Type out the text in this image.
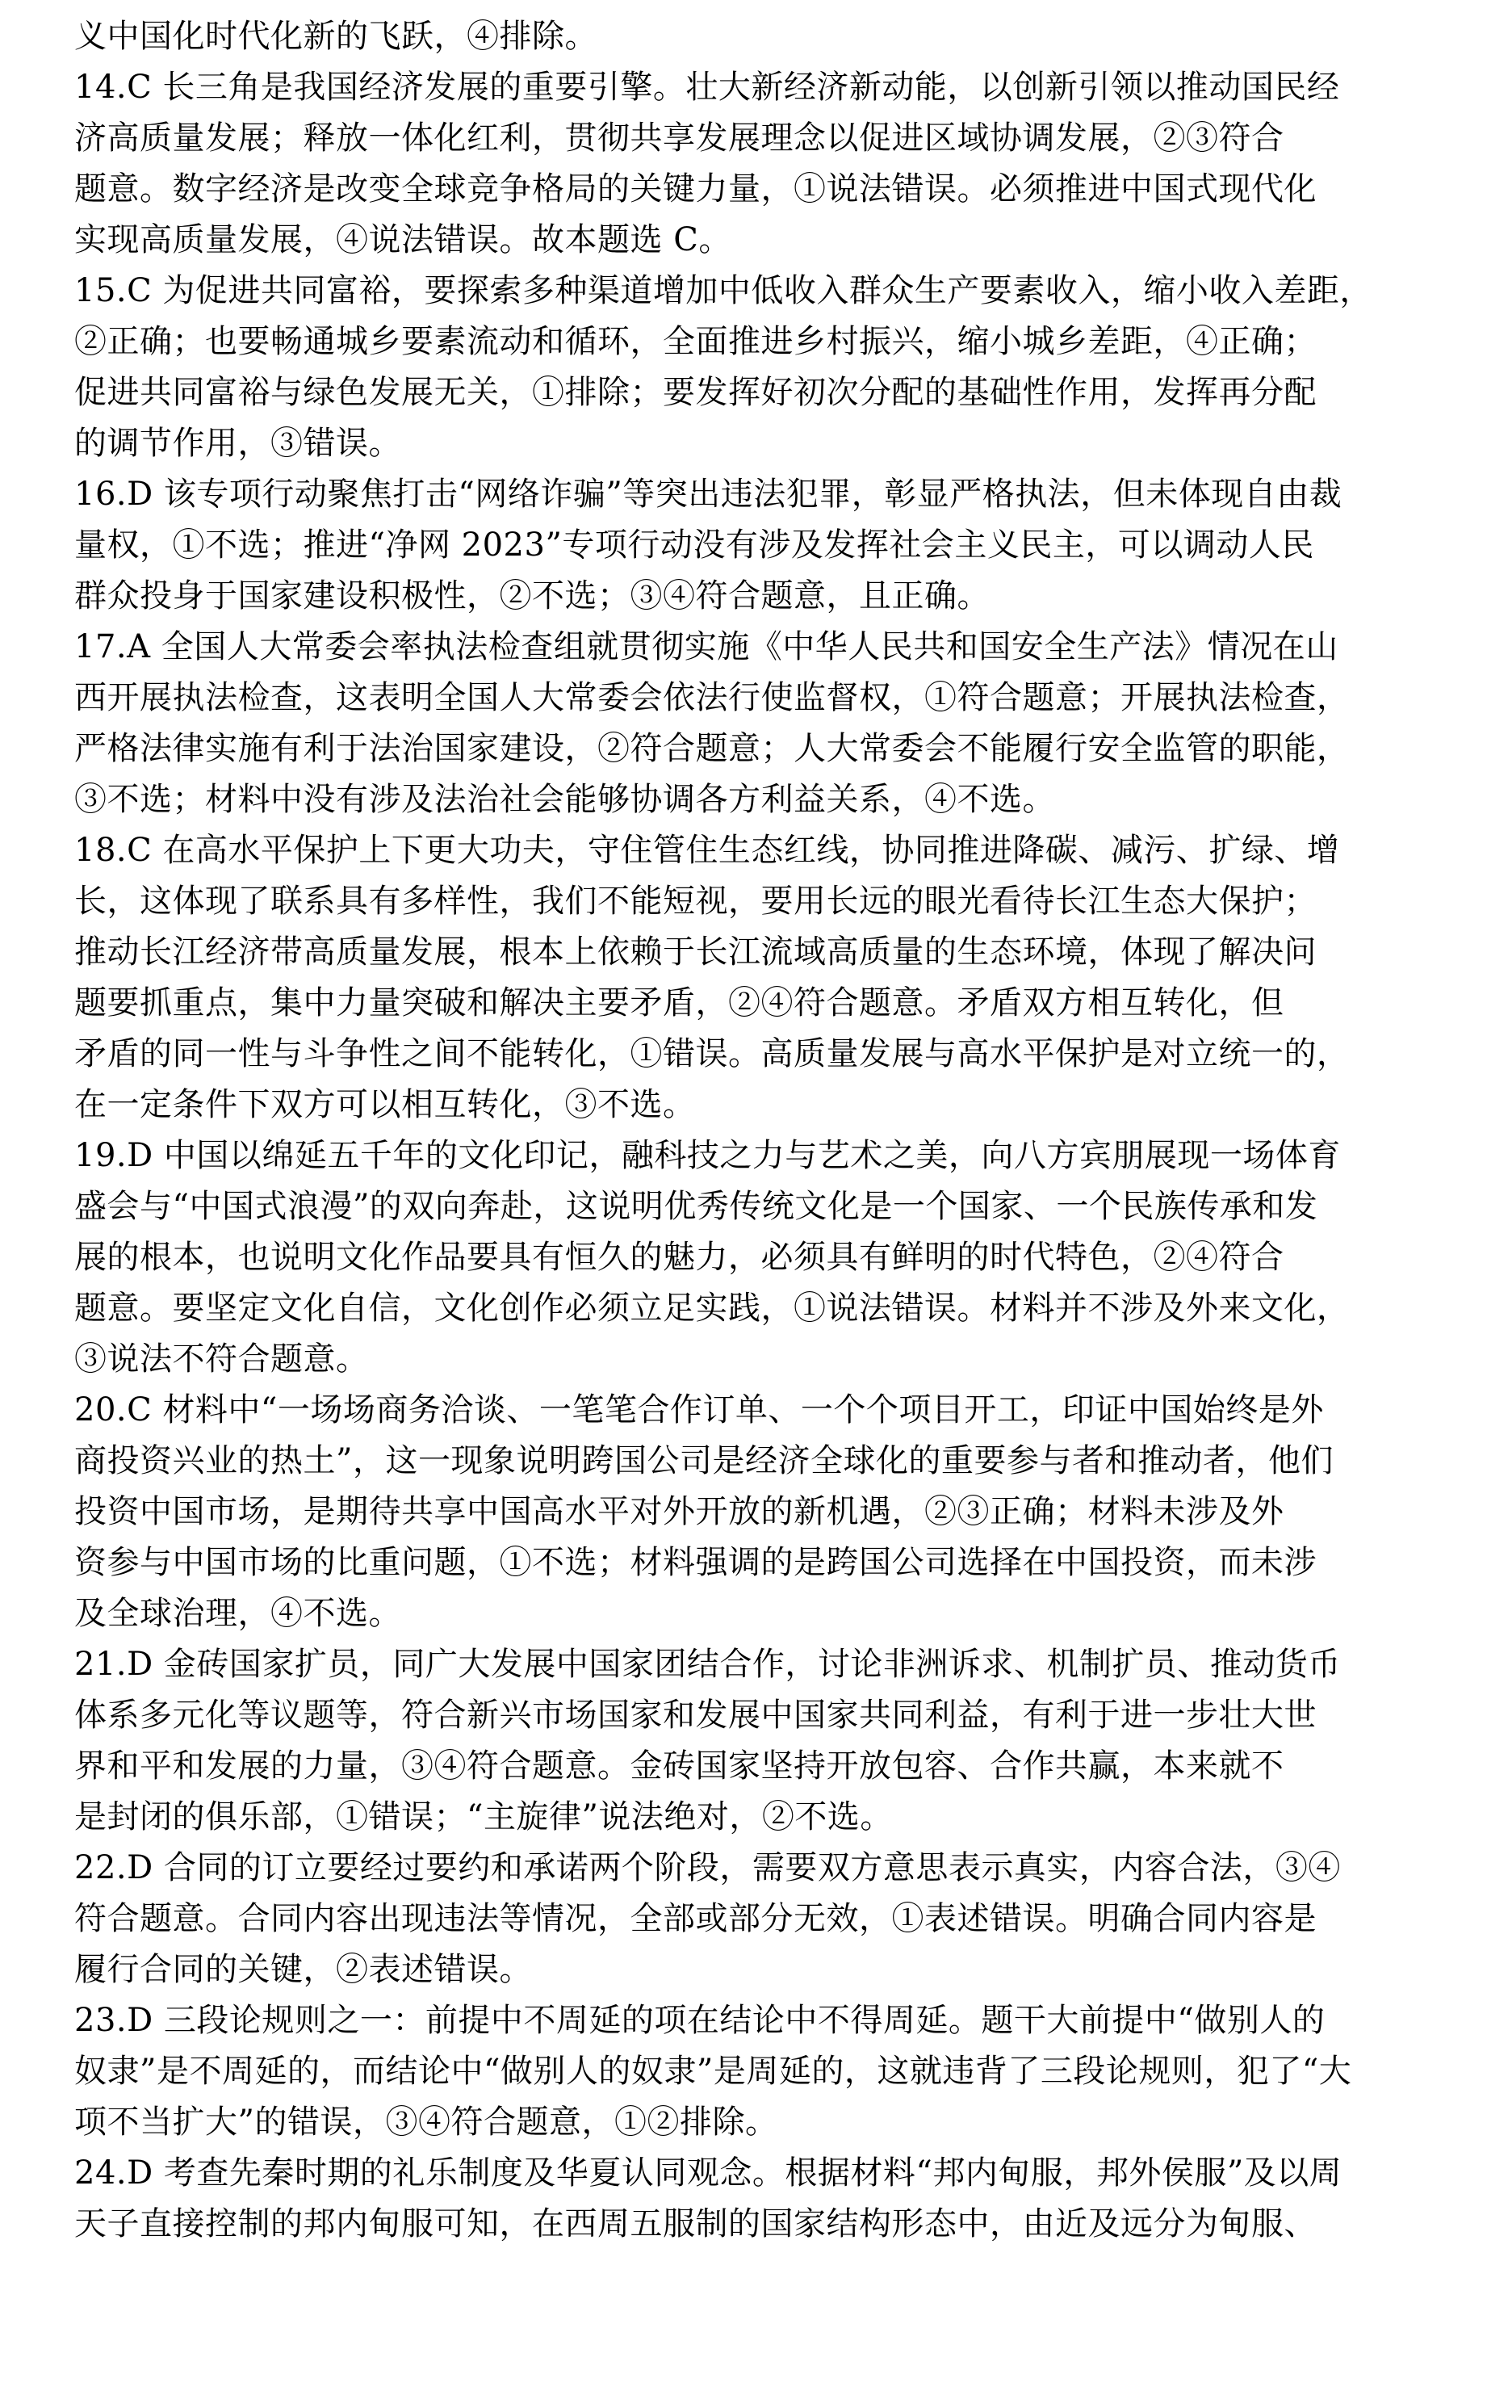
义中国化时代化新的飞跃，④排除。
14.C 长三角是我国经济发展的重要引擎。壮大新经济新动能，以创新引领以推动国民经
济高质量发展；释放一体化红利，贯彻共享发展理念以促进区域协调发展，②③符合
题意。数字经济是改变全球竞争格局的关键力量，①说法错误。必须推进中国式现代化
实现高质量发展，④说法错误。故本题选 C。
15.C 为促进共同富裕，要探索多种渠道增加中低收入群众生产要素收入，缩小收入差距，
②正确；也要畅通城乡要素流动和循环，全面推进乡村振兴，缩小城乡差距，④正确；
促进共同富裕与绿色发展无关，①排除；要发挥好初次分配的基础性作用，发挥再分配
的调节作用，③错误。
16.D 该专项行动聚焦打击“网络诈骗”等突出违法犯罪，彰显严格执法，但未体现自由裁
量权，①不选；推进“净网 2023”专项行动没有涉及发挥社会主义民主，可以调动人民
群众投身于国家建设积极性，②不选；③④符合题意，且正确。
17.A 全国人大常委会率执法检查组就贯彻实施《中华人民共和国安全生产法》情况在山
西开展执法检查，这表明全国人大常委会依法行使监督权，①符合题意；开展执法检查，
严格法律实施有利于法治国家建设，②符合题意；人大常委会不能履行安全监管的职能，
③不选；材料中没有涉及法治社会能够协调各方利益关系，④不选。
18.C 在高水平保护上下更大功夫，守住管住生态红线，协同推进降碳、减污、扩绿、增
长，这体现了联系具有多样性，我们不能短视，要用长远的眼光看待长江生态大保护；
推动长江经济带高质量发展，根本上依赖于长江流域高质量的生态环境，体现了解决问
题要抓重点，集中力量突破和解决主要矛盾，②④符合题意。矛盾双方相互转化，但
矛盾的同一性与斗争性之间不能转化，①错误。高质量发展与高水平保护是对立统一的，
在一定条件下双方可以相互转化，③不选。
19.D 中国以绵延五千年的文化印记，融科技之力与艺术之美，向八方宾朋展现一场体育
盛会与“中国式浪漫”的双向奔赴，这说明优秀传统文化是一个国家、一个民族传承和发
展的根本，也说明文化作品要具有恒久的魅力，必须具有鲜明的时代特色，②④符合
题意。要坚定文化自信，文化创作必须立足实践，①说法错误。材料并不涉及外来文化，
③说法不符合题意。
20.C 材料中“一场场商务洽谈、一笔笔合作订单、一个个项目开工，印证中国始终是外
商投资兴业的热土”，这一现象说明跨国公司是经济全球化的重要参与者和推动者，他们
投资中国市场，是期待共享中国高水平对外开放的新机遇，②③正确；材料未涉及外
资参与中国市场的比重问题，①不选；材料强调的是跨国公司选择在中国投资，而未涉
及全球治理，④不选。
21.D 金砖国家扩员，同广大发展中国家团结合作，讨论非洲诉求、机制扩员、推动货币
体系多元化等议题等，符合新兴市场国家和发展中国家共同利益，有利于进一步壮大世
界和平和发展的力量，③④符合题意。金砖国家坚持开放包容、合作共赢，本来就不
是封闭的俱乐部，①错误；“主旋律”说法绝对，②不选。
22.D 合同的订立要经过要约和承诺两个阶段，需要双方意思表示真实，内容合法，③④
符合题意。合同内容出现违法等情况，全部或部分无效，①表述错误。明确合同内容是
履行合同的关键，②表述错误。
23.D 三段论规则之一：前提中不周延的项在结论中不得周延。题干大前提中“做别人的
奴隶”是不周延的，而结论中“做别人的奴隶”是周延的，这就违背了三段论规则，犯了“大
项不当扩大”的错误，③④符合题意，①②排除。
24.D 考查先秦时期的礼乐制度及华夏认同观念。根据材料“邦内甸服，邦外侯服”及以周
天子直接控制的邦内甸服可知，在西周五服制的国家结构形态中，由近及远分为甸服、
